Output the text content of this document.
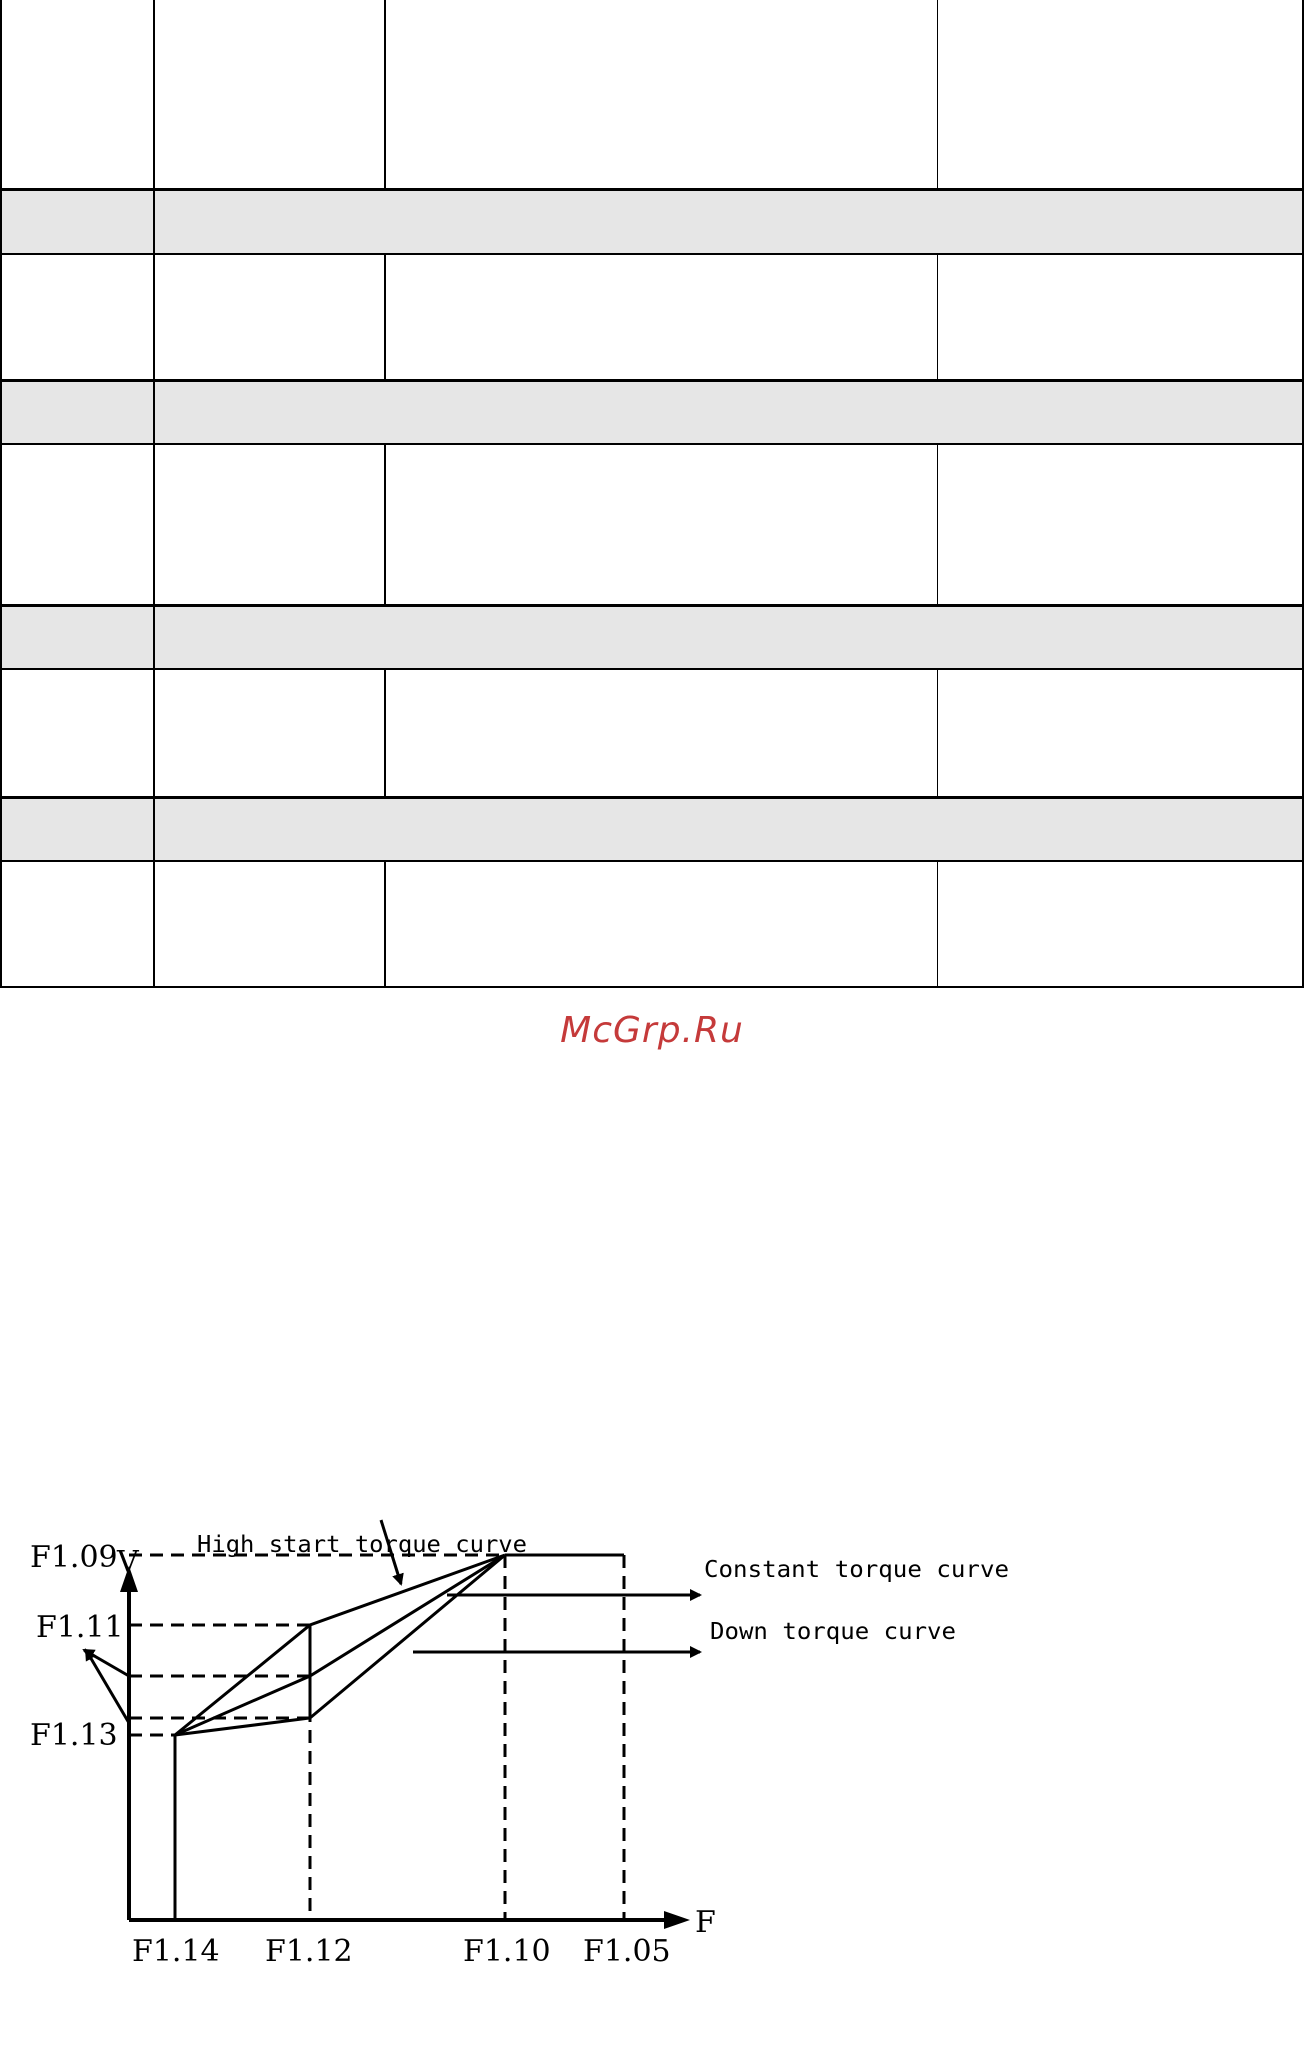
McGrp.Ru
V
F
F1.09
F1.11
F1.13
F1.14 F1.12	F1.10 F1.05
High start torque curve
Constant torque curve
Down torque curve
